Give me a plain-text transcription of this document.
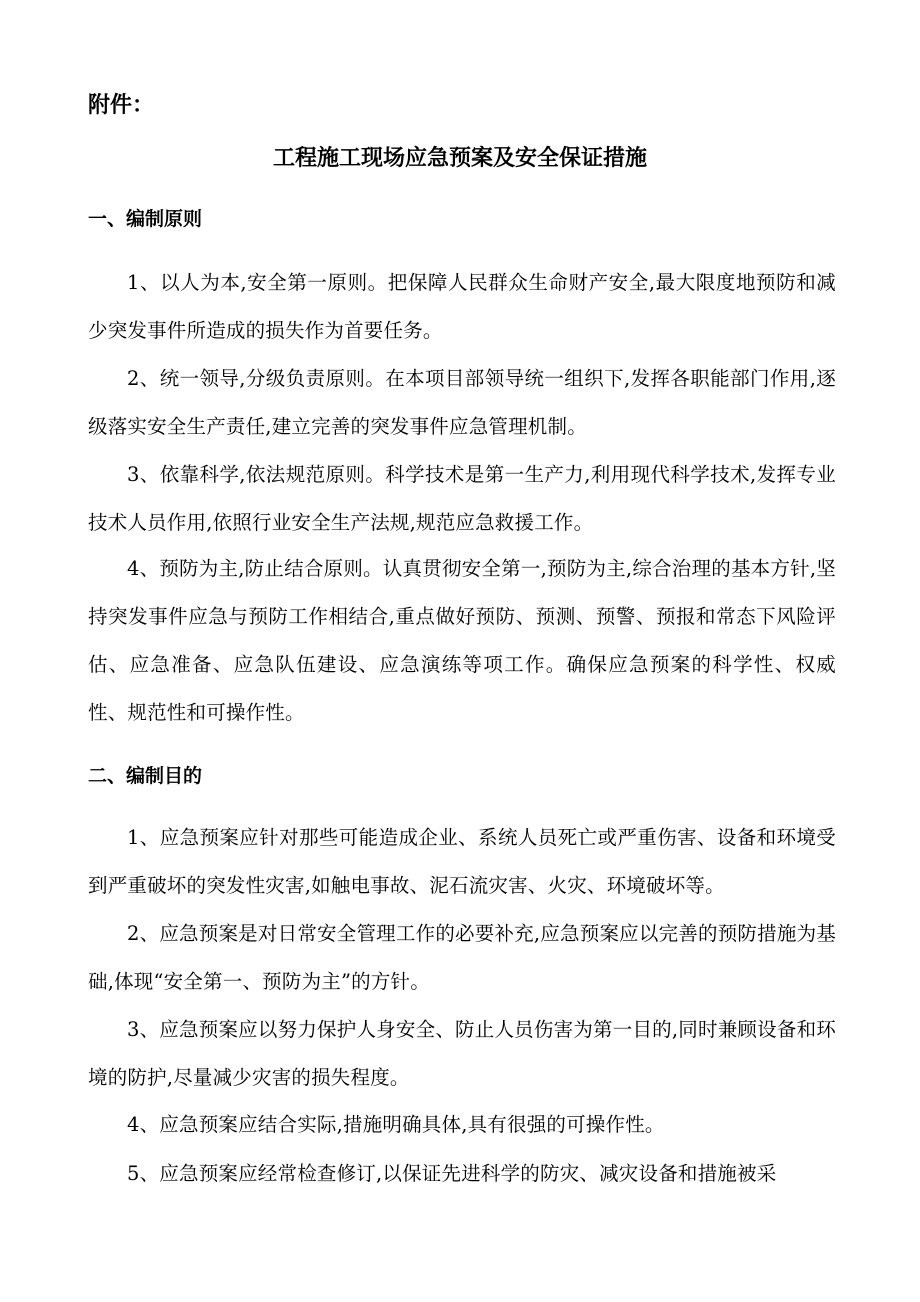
附件：
工程施工现场应急预案及安全保证措施
一、编制原则
1、以人为本,安全第一原则。把保障人民群众生命财产安全,最大限度地预防和减少突发事件所造成的损失作为首要任务。
2、统一领导,分级负责原则。在本项目部领导统一组织下,发挥各职能部门作用,逐级落实安全生产责任,建立完善的突发事件应急管理机制。
3、依靠科学,依法规范原则。科学技术是第一生产力,利用现代科学技术,发挥专业技术人员作用,依照行业安全生产法规,规范应急救援工作。
4、预防为主,防止结合原则。认真贯彻安全第一,预防为主,综合治理的基本方针,坚持突发事件应急与预防工作相结合,重点做好预防、预测、预警、预报和常态下风险评估、应急准备、应急队伍建设、应急演练等项工作。确保应急预案的科学性、权威性、规范性和可操作性。
二、编制目的
1、应急预案应针对那些可能造成企业、系统人员死亡或严重伤害、设备和环境受到严重破坏的突发性灾害,如触电事故、泥石流灾害、火灾、环境破坏等。
2、应急预案是对日常安全管理工作的必要补充,应急预案应以完善的预防措施为基础,体现“安全第一、预防为主”的方针。
3、应急预案应以努力保护人身安全、防止人员伤害为第一目的,同时兼顾设备和环境的防护,尽量减少灾害的损失程度。
4、应急预案应结合实际,措施明确具体,具有很强的可操作性。
5、应急预案应经常检查修订,以保证先进科学的防灾、减灾设备和措施被采
